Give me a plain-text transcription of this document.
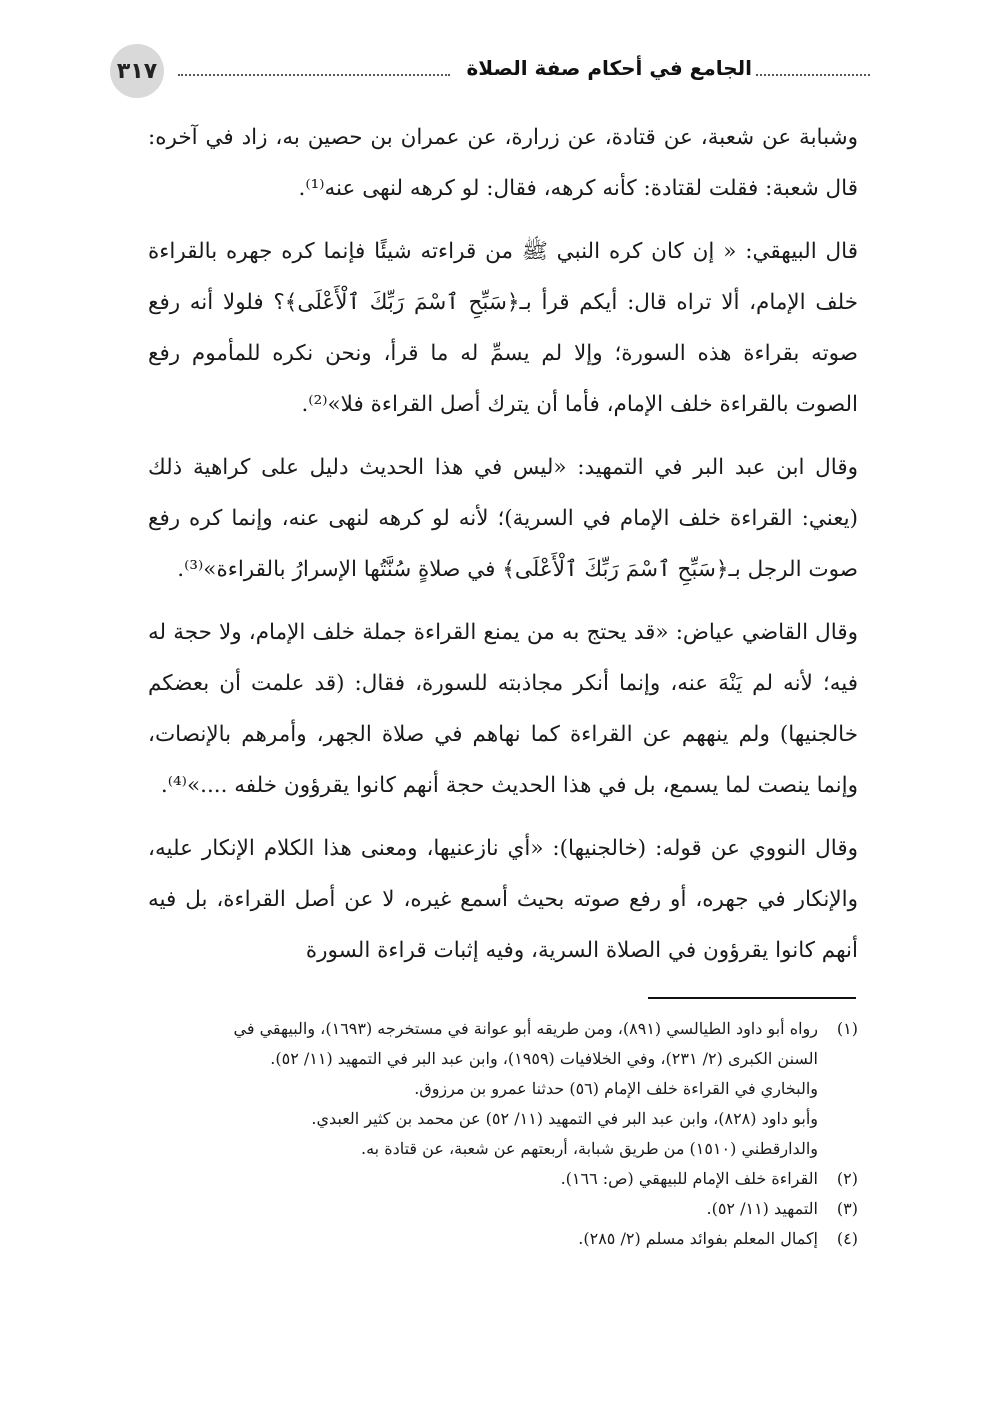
٣١٧	الجامع في أحكام صفة الصلاة

وشبابة عن شعبة، عن قتادة، عن زرارة، عن عمران بن حصين به، زاد في آخره: قال شعبة: فقلت لقتادة: كأنه كرهه، فقال: لو كرهه لنهى عنه⁽¹⁾.

قال البيهقي: « إن كان كره النبي ﷺ من قراءته شيئًا فإنما كره جهره بالقراءة خلف الإمام، ألا تراه قال: أيكم قرأ بـ﴿سَبِّحِ ٱسْمَ رَبِّكَ ٱلْأَعْلَى﴾؟ فلولا أنه رفع صوته بقراءة هذه السورة؛ وإلا لم يسمِّ له ما قرأ، ونحن نكره للمأموم رفع الصوت بالقراءة خلف الإمام، فأما أن يترك أصل القراءة فلا»⁽²⁾.

وقال ابن عبد البر في التمهيد: «ليس في هذا الحديث دليل على كراهية ذلك (يعني: القراءة خلف الإمام في السرية)؛ لأنه لو كرهه لنهى عنه، وإنما كره رفع صوت الرجل بـ﴿سَبِّحِ ٱسْمَ رَبِّكَ ٱلْأَعْلَى﴾ في صلاةٍ سُنَّتُها الإسرارُ بالقراءة»⁽³⁾.

وقال القاضي عياض: «قد يحتج به من يمنع القراءة جملة خلف الإمام، ولا حجة له فيه؛ لأنه لم يَنْهَ عنه، وإنما أنكر مجاذبته للسورة، فقال: (قد علمت أن بعضكم خالجنيها) ولم ينههم عن القراءة كما نهاهم في صلاة الجهر، وأمرهم بالإنصات، وإنما ينصت لما يسمع، بل في هذا الحديث حجة أنهم كانوا يقرؤون خلفه ....»⁽⁴⁾.

وقال النووي عن قوله: (خالجنيها): «أي نازعنيها، ومعنى هذا الكلام الإنكار عليه، والإنكار في جهره، أو رفع صوته بحيث أسمع غيره، لا عن أصل القراءة، بل فيه أنهم كانوا يقرؤون في الصلاة السرية، وفيه إثبات قراءة السورة

(١)
رواه أبو داود الطيالسي (٨٩١)، ومن طريقه أبو عوانة في مستخرجه (١٦٩٣)، والبيهقي في
السنن الكبرى (٢/ ٢٣١)، وفي الخلافيات (١٩٥٩)، وابن عبد البر في التمهيد (١١/ ٥٢).
والبخاري في القراءة خلف الإمام (٥٦) حدثنا عمرو بن مرزوق.
وأبو داود (٨٢٨)، وابن عبد البر في التمهيد (١١/ ٥٢) عن محمد بن كثير العبدي.
والدارقطني (١٥١٠) من طريق شبابة، أربعتهم عن شعبة، عن قتادة به.
(٢)
القراءة خلف الإمام للبيهقي (ص: ١٦٦).
(٣)
التمهيد (١١/ ٥٢).
(٤)
إكمال المعلم بفوائد مسلم (٢/ ٢٨٥).
